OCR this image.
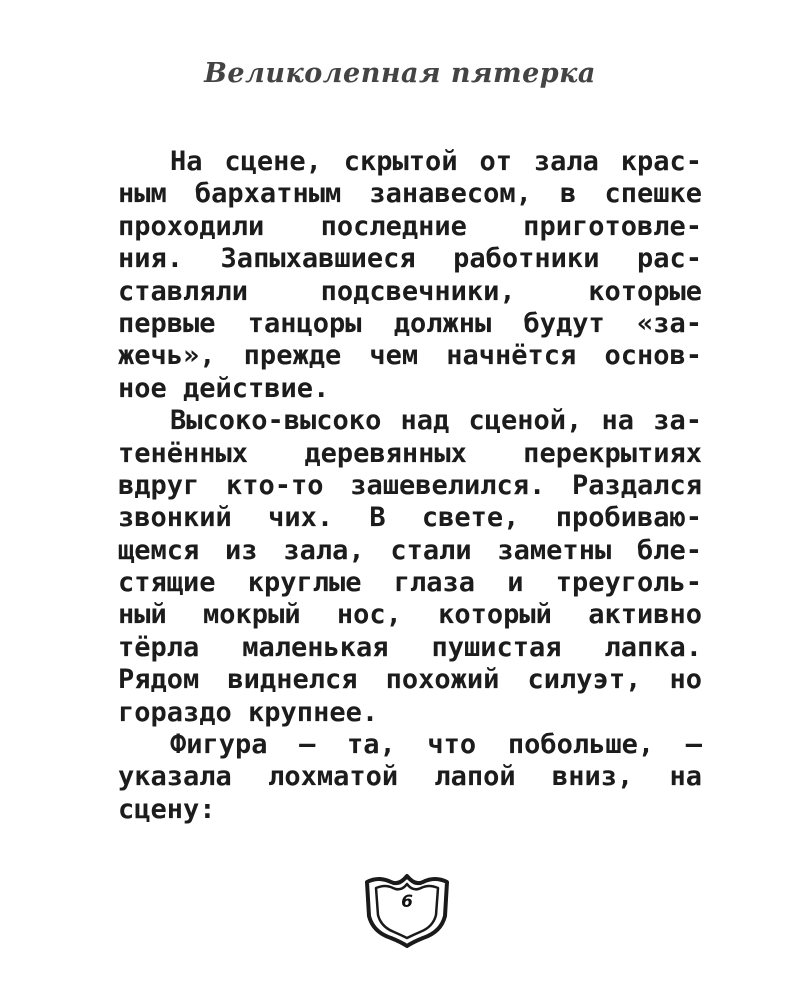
Великолепная пятерка
На сцене, скрытой от зала крас-
ным бархатным занавесом, в спешке
проходили последние приготовле-
ния. Запыхавшиеся работники рас-
ставляли подсвечники, которые
первые танцоры должны будут «за-
жечь», прежде чем начнётся основ-
ное действие.
Высоко-высоко над сценой, на за-
тенённых деревянных перекрытиях
вдруг кто-то зашевелился. Раздался
звонкий чих. В свете, пробиваю-
щемся из зала, стали заметны бле-
стящие круглые глаза и треуголь-
ный мокрый нос, который активно
тёрла маленькая пушистая лапка.
Рядом виднелся похожий силуэт, но
гораздо крупнее.
Фигура — та, что побольше, —
указала лохматой лапой вниз, на
сцену:
6
